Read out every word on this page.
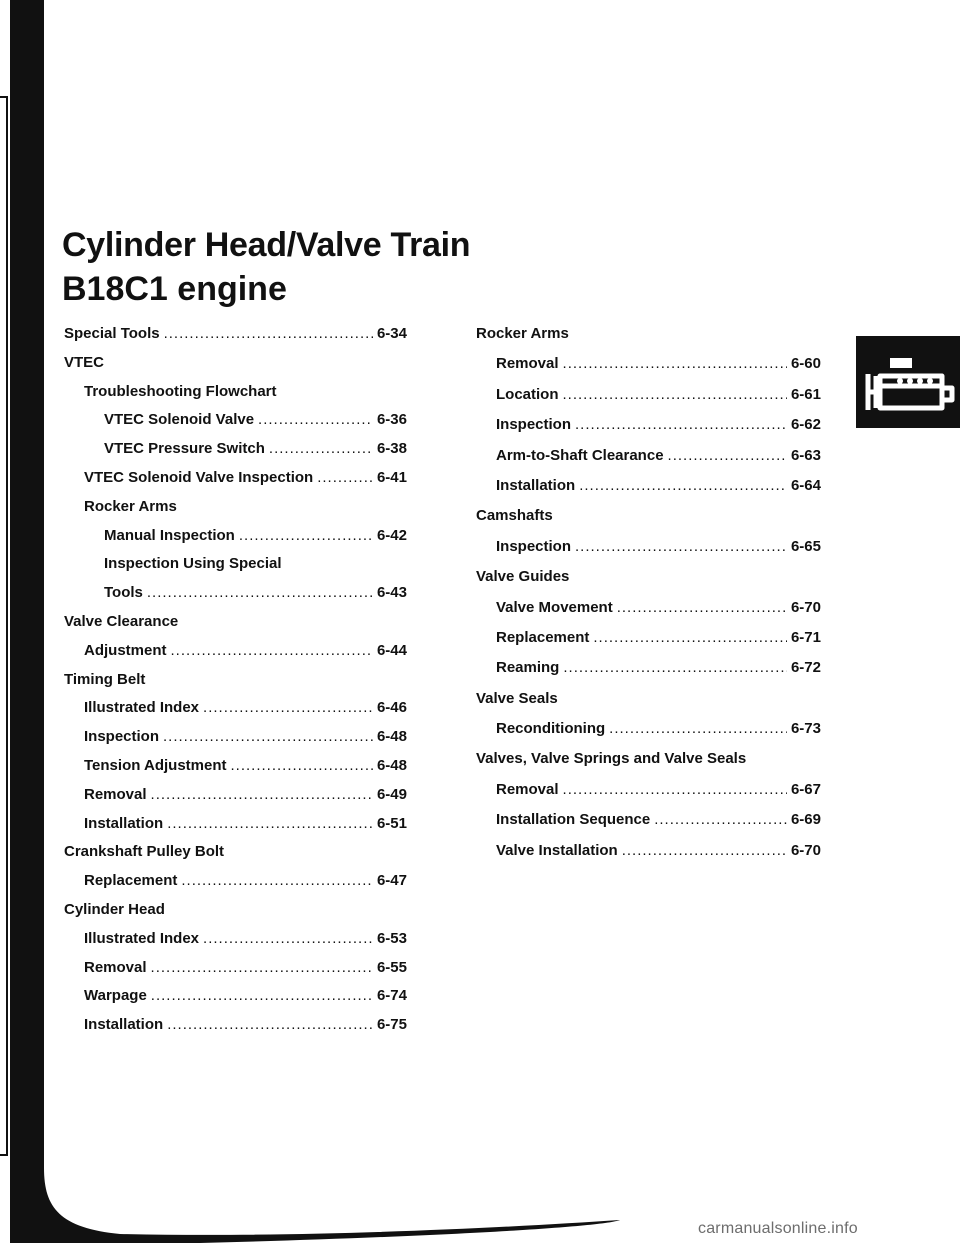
Cylinder Head/Valve Train
B18C1 engine
Special Tools .....	6-34
VTEC
Troubleshooting Flowchart
VTEC Solenoid Valve .....	6-36
VTEC Pressure Switch .....	6-38
VTEC Solenoid Valve Inspection .....	6-41
Rocker Arms
Manual Inspection .....	6-42
Inspection Using Special
Tools .....	6-43
Valve Clearance
Adjustment .....	6-44
Timing Belt
Illustrated Index .....	6-46
Inspection .....	6-48
Tension Adjustment .....	6-48
Removal .....	6-49
Installation .....	6-51
Crankshaft Pulley Bolt
Replacement .....	6-47
Cylinder Head
Illustrated Index .....	6-53
Removal .....	6-55
Warpage .....	6-74
Installation .....	6-75
Rocker Arms
Removal .....	6-60
Location .....	6-61
Inspection .....	6-62
Arm-to-Shaft Clearance .....	6-63
Installation .....	6-64
Camshafts
Inspection .....	6-65
Valve Guides
Valve Movement .....	6-70
Replacement .....	6-71
Reaming .....	6-72
Valve Seals
Reconditioning .....	6-73
Valves, Valve Springs and Valve Seals
Removal .....	6-67
Installation Sequence .....	6-69
Valve Installation .....	6-70
carmanualsonline.info
